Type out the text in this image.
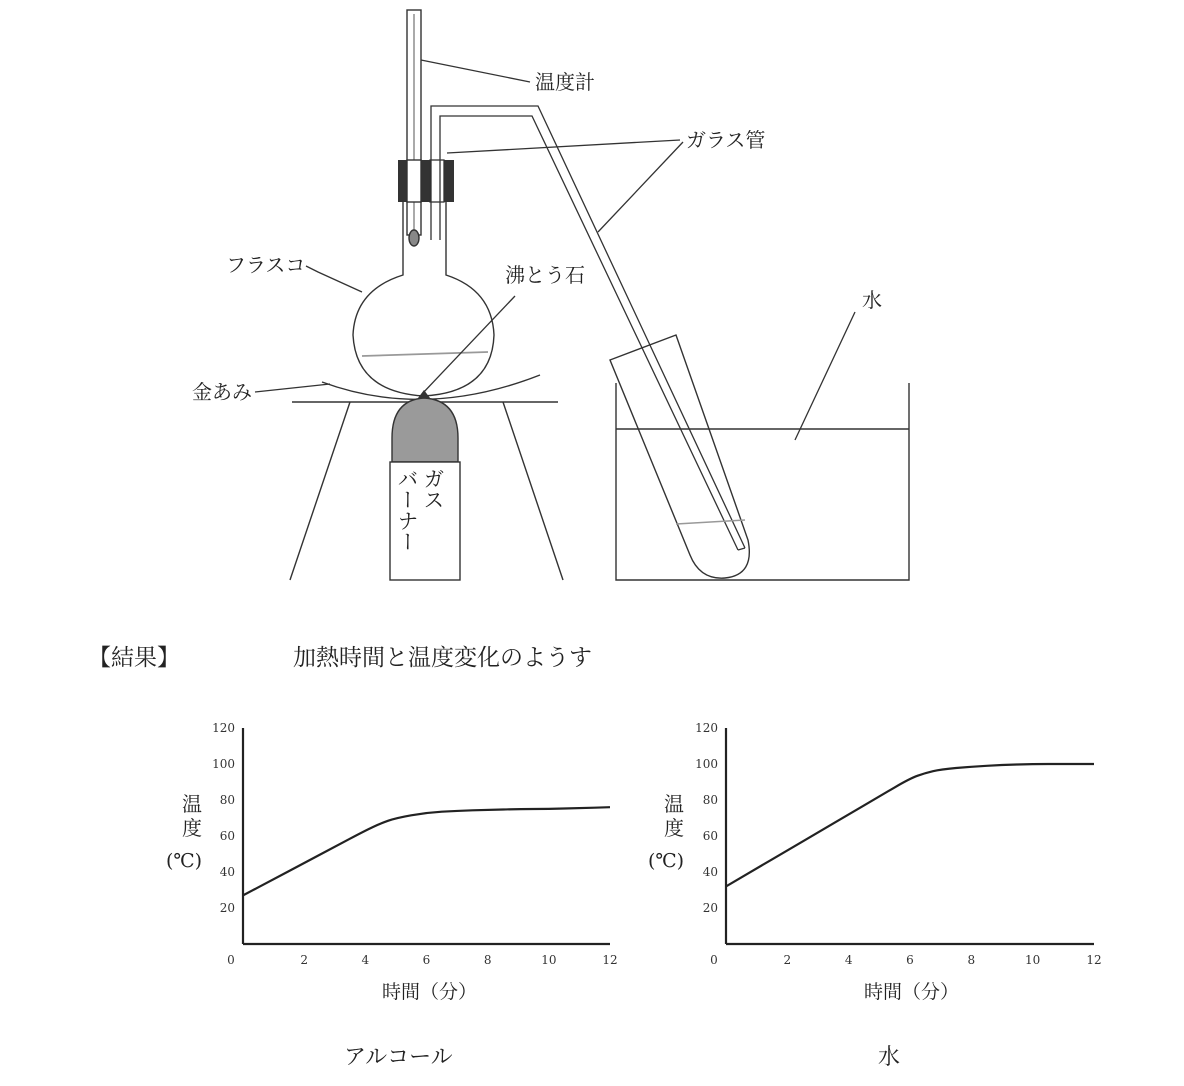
温度計
ガラス管
フラスコ	沸とう石
水
金あみ
ガス
バーナー
【結果】	加熱時間と温度変化のようす
0	2	4	6	8	10	12
20
40
60
80
100
120
0	2	4	6	8	10	12
20
40
60
80
100
120
温度
(℃)
時間（分）
アルコール
温度
(℃)
時間（分）
水
